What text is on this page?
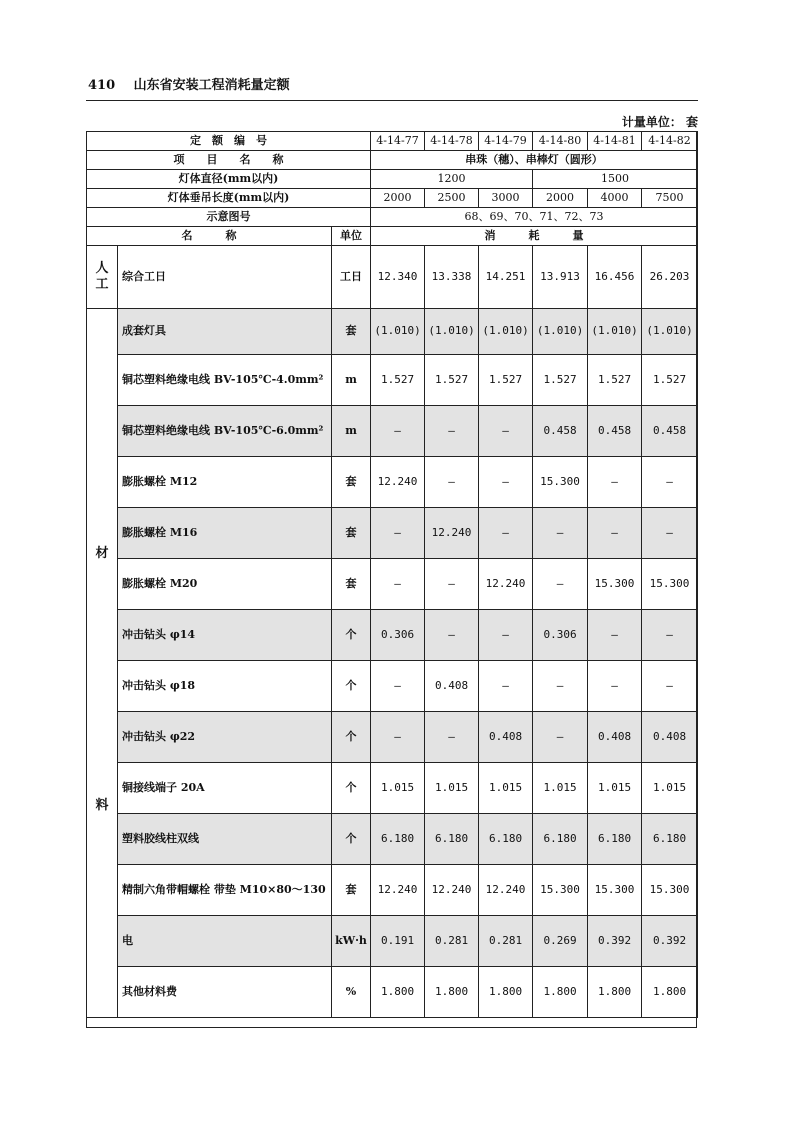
410 山东省安装工程消耗量定额
计量单位： 套
定　额　编　号			4-14-77	4-14-78	4-14-79	4-14-80	4-14-81	4-14-82
项　　目　　名　　称			串珠（穗）、串棒灯（圆形）					
灯体直径(mm以内)			1200			1500		
灯体垂吊长度(mm以内)			2000	2500	3000	2000	4000	7500
示意图号			68、69、70、71、72、73					
名　　　称		单位	消　　　耗　　　量					
人工	综合工日	工日	12.340	13.338	14.251	13.913	16.456	26.203

材
料	成套灯具	套	(1.010)	(1.010)	(1.010)	(1.010)	(1.010)	(1.010)
	铜芯塑料绝缘电线 BV-105℃-4.0mm²	m	1.527	1.527	1.527	1.527	1.527	1.527
	铜芯塑料绝缘电线 BV-105℃-6.0mm²	m	—	—	—	0.458	0.458	0.458
	膨胀螺栓 M12	套	12.240	—	—	15.300	—	—
	膨胀螺栓 M16	套	—	12.240	—	—	—	—
	膨胀螺栓 M20	套	—	—	12.240	—	15.300	15.300
	冲击钻头 φ14	个	0.306	—	—	0.306	—	—
	冲击钻头 φ18	个	—	0.408	—	—	—	—
	冲击钻头 φ22	个	—	—	0.408	—	0.408	0.408
	铜接线端子 20A	个	1.015	1.015	1.015	1.015	1.015	1.015
	塑料胶线柱双线	个	6.180	6.180	6.180	6.180	6.180	6.180
	精制六角带帽螺栓 带垫 M10×80～130	套	12.240	12.240	12.240	15.300	15.300	15.300
	电	kW·h	0.191	0.281	0.281	0.269	0.392	0.392
	其他材料费	%	1.800	1.800	1.800	1.800	1.800	1.800
